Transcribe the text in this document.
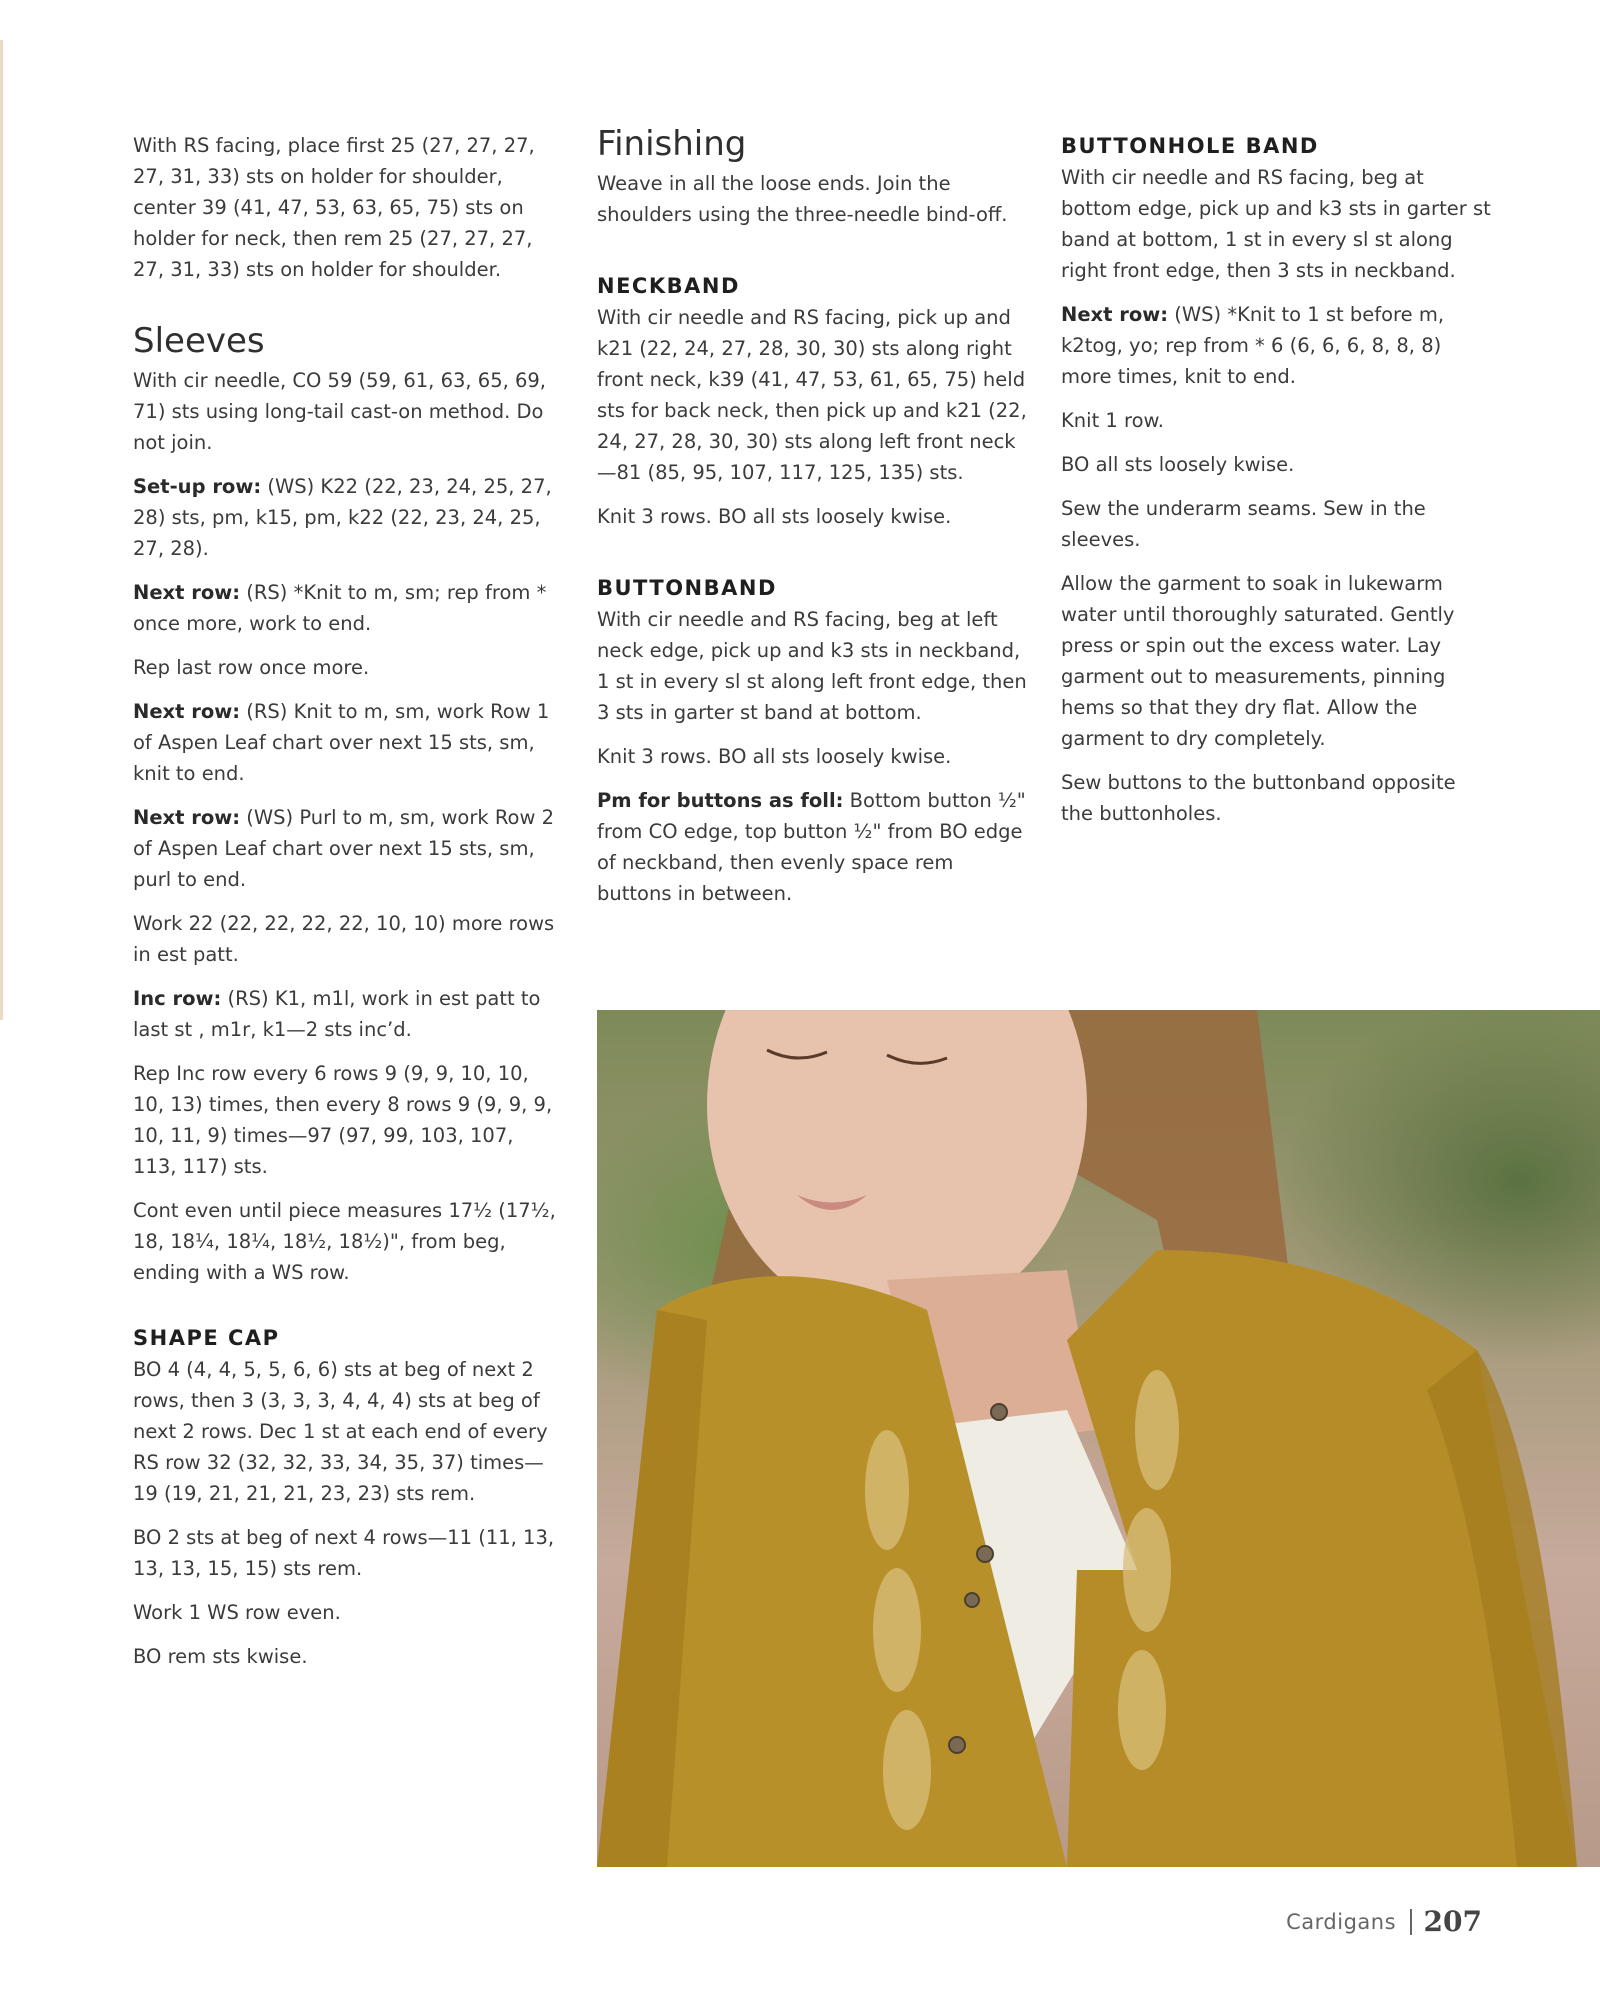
With RS facing, place first 25 (27, 27, 27, 27, 31, 33) sts on holder for shoulder, center 39 (41, 47, 53, 63, 65, 75) sts on holder for neck, then rem 25 (27, 27, 27, 27, 31, 33) sts on holder for shoulder.

Sleeves

With cir needle, CO 59 (59, 61, 63, 65, 69, 71) sts using long-tail cast-on method. Do not join.

Set-up row: (WS) K22 (22, 23, 24, 25, 27, 28) sts, pm, k15, pm, k22 (22, 23, 24, 25, 27, 28).

Next row: (RS) *Knit to m, sm; rep from * once more, work to end.

Rep last row once more.

Next row: (RS) Knit to m, sm, work Row 1 of Aspen Leaf chart over next 15 sts, sm, knit to end.

Next row: (WS) Purl to m, sm, work Row 2 of Aspen Leaf chart over next 15 sts, sm, purl to end.

Work 22 (22, 22, 22, 22, 10, 10) more rows in est patt.

Inc row: (RS) K1, m1l, work in est patt to last st , m1r, k1—2 sts inc’d.

Rep Inc row every 6 rows 9 (9, 9, 10, 10, 10, 13) times, then every 8 rows 9 (9, 9, 9, 10, 11, 9) times—97 (97, 99, 103, 107, 113, 117) sts.

Cont even until piece measures 17½ (17½, 18, 18¼, 18¼, 18½, 18½)", from beg, ending with a WS row.

SHAPE CAP

BO 4 (4, 4, 5, 5, 6, 6) sts at beg of next 2 rows, then 3 (3, 3, 3, 4, 4, 4) sts at beg of next 2 rows. Dec 1 st at each end of every RS row 32 (32, 32, 33, 34, 35, 37) times—19 (19, 21, 21, 21, 23, 23) sts rem.

BO 2 sts at beg of next 4 rows—11 (11, 13, 13, 13, 15, 15) sts rem.

Work 1 WS row even.

BO rem sts kwise.

Finishing

Weave in all the loose ends. Join the shoulders using the three-needle bind-off.

NECKBAND

With cir needle and RS facing, pick up and k21 (22, 24, 27, 28, 30, 30) sts along right front neck, k39 (41, 47, 53, 61, 65, 75) held sts for back neck, then pick up and k21 (22, 24, 27, 28, 30, 30) sts along left front neck—81 (85, 95, 107, 117, 125, 135) sts.

Knit 3 rows. BO all sts loosely kwise.

BUTTONBAND

With cir needle and RS facing, beg at left neck edge, pick up and k3 sts in neckband, 1 st in every sl st along left front edge, then 3 sts in garter st band at bottom.

Knit 3 rows. BO all sts loosely kwise.

Pm for buttons as foll: Bottom button ½" from CO edge, top button ½" from BO edge of neckband, then evenly space rem buttons in between.

BUTTONHOLE BAND

With cir needle and RS facing, beg at bottom edge, pick up and k3 sts in garter st band at bottom, 1 st in every sl st along right front edge, then 3 sts in neckband.

Next row: (WS) *Knit to 1 st before m, k2tog, yo; rep from * 6 (6, 6, 6, 8, 8, 8) more times, knit to end.

Knit 1 row.

BO all sts loosely kwise.

Sew the underarm seams. Sew in the sleeves.

Allow the garment to soak in lukewarm water until thoroughly saturated. Gently press or spin out the excess water. Lay garment out to measurements, pinning hems so that they dry flat. Allow the garment to dry completely.

Sew buttons to the buttonband opposite the buttonholes.

Cardigans 207
